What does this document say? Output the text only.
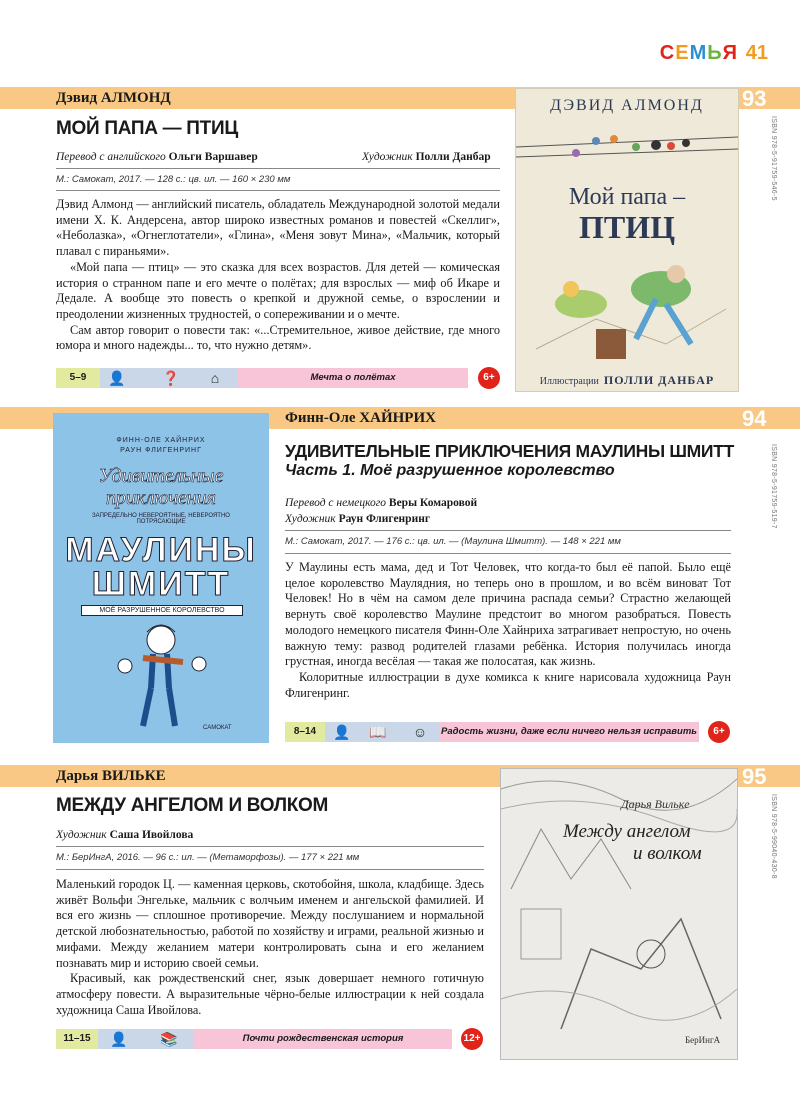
СЕМЬЯ 41
Дэвид АЛМОНД	93
ISBN 978-5-91759-546-5
МОЙ ПАПА — ПТИЦ
Перевод с английского Ольги Варшавер	Художник Полли Данбар
М.: Самокат, 2017. — 128 с.: цв. ил. — 160 × 230 мм

Дэвид Алмонд — английский писатель, обладатель Международной золотой медали имени Х. К. Андерсена, автор широко известных романов и повестей «Скеллиг», «Неболазка», «Огнеглотатели», «Глина», «Меня зовут Мина», «Мальчик, который плавал с пираньями».

«Мой папа — птиц» — это сказка для всех возрастов. Для детей — комическая история о странном папе и его мечте о полётах; для взрослых — миф об Икаре и Дедале. А вообще это повесть о крепкой и дружной семье, о взрослении и преодолении жизненных трудностей, о сопереживании и о мечте.

Сам автор говорит о повести так: «...Стремительное, живое действие, где много юмора и много надежды... то, что нужно детям».

5–9	👤	❓	⌂	Мечта о полётах	6+
ДЭВИД АЛМОНД
Мой папа –
ПТИЦ
Иллюстрации ПОЛЛИ ДАНБАР
Финн-Оле ХАЙНРИХ	94
ISBN 978-5-91759-519-7
УДИВИТЕЛЬНЫЕ ПРИКЛЮЧЕНИЯ МАУЛИНЫ ШМИТТ
Часть 1. Моё разрушенное королевство
Перевод с немецкого Веры Комаровой
Художник Раун Флигенринг
М.: Самокат, 2017. — 176 с.: цв. ил. — (Маулина Шмитт). — 148 × 221 мм

У Маулины есть мама, дед и Тот Человек, что когда-то был её папой. Было ещё целое королевство Маулядния, но теперь оно в прошлом, и во всём виноват Тот Человек! Но в чём на самом деле причина распада семьи? Страстно желающей вернуть своё королевство Маулине предстоит во многом разобраться. Повесть молодого немецкого писателя Финн-Оле Хайнриха затрагивает непростую, но очень важную тему: развод родителей глазами ребёнка. История получилась иногда грустная, иногда весёлая — такая же полосатая, как жизнь.

Колоритные иллюстрации в духе комикса к книге нарисовала художница Раун Флигенринг.

8–14	👤 📖 ☺	Радость жизни, даже если ничего нельзя исправить	6+
ФИНН-ОЛЕ ХАЙНРИХ
РАУН ФЛИГЕНРИНГ
Удивительные
приключения
ЗАПРЕДЕЛЬНО НЕВЕРОЯТНЫЕ, НЕВЕРОЯТНО ПОТРЯСАЮЩИЕ
МАУЛИНЫ
ШМИТТ
МОЁ РАЗРУШЕННОЕ КОРОЛЕВСТВО
САМОКАТ
Дарья ВИЛЬКЕ	95
ISBN 978-5-99040-430-8
МЕЖДУ АНГЕЛОМ И ВОЛКОМ
Художник Саша Ивойлова
М.: БерИнгА, 2016. — 96 с.: ил. — (Метаморфозы). — 177 × 221 мм

Маленький городок Ц. — каменная церковь, скотобойня, школа, кладбище. Здесь живёт Вольфи Энгелькe, мальчик с волчьим именем и ангельской фамилией. И вся его жизнь — сплошное противоречие. Между послушанием и нормальной детской любознательностью, работой по хозяйству и играми, реальной жизнью и мифами. Между желанием матери контролировать сына и его желанием познавать мир и историю своей семьи.

Красивый, как рождественский снег, язык довершает немного готичную атмосферу повести. А выразительные чёрно-белые иллюстрации к ней создала художница Саша Ивойлова.

11–15	👤 📚	Почти рождественская история	12+
Дарья Вилькe
Между ангелом
и волком
БерИнгА
